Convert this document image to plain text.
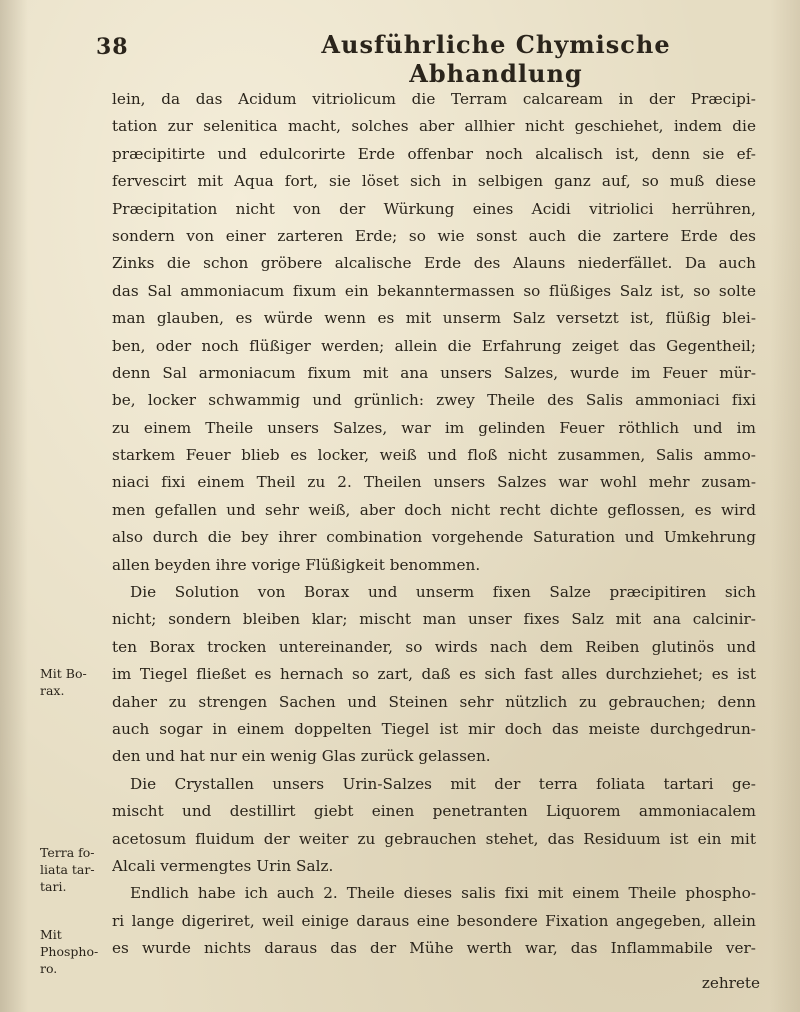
38	Ausführliche Chymische Abhandlung
lein, da das Acidum vitriolicum die Terram calcaream in der Præcipi-
tation zur selenitica macht, solches aber allhier nicht geschiehet, indem die
præcipitirte und edulcorirte Erde offenbar noch alcalisch ist, denn sie ef-
fervescirt mit Aqua fort, sie löset sich in selbigen ganz auf, so muß diese
Præcipitation nicht von der Würkung eines Acidi vitriolici herrühren,
sondern von einer zarteren Erde; so wie sonst auch die zartere Erde des
Zinks die schon gröbere alcalische Erde des Alauns niederfället. Da auch
das Sal ammoniacum fixum ein bekanntermassen so flüßiges Salz ist, so solte
man glauben, es würde wenn es mit unserm Salz versetzt ist, flüßig blei-
ben, oder noch flüßiger werden; allein die Erfahrung zeiget das Gegentheil;
denn Sal armoniacum fixum mit ana unsers Salzes, wurde im Feuer mür-
be, locker schwammig und grünlich: zwey Theile des Salis ammoniaci fixi
zu einem Theile unsers Salzes, war im gelinden Feuer röthlich und im
starkem Feuer blieb es locker, weiß und floß nicht zusammen, Salis ammo-
niaci fixi einem Theil zu 2. Theilen unsers Salzes war wohl mehr zusam-
men gefallen und sehr weiß, aber doch nicht recht dichte geflossen, es wird
also durch die bey ihrer combination vorgehende Saturation und Umkehrung
allen beyden ihre vorige Flüßigkeit benommen.
Die Solution von Borax und unserm fixen Salze præcipitiren sich
nicht; sondern bleiben klar; mischt man unser fixes Salz mit ana calcinir-
ten Borax trocken untereinander, so wirds nach dem Reiben glutinös und
im Tiegel fließet es hernach so zart, daß es sich fast alles durchziehet; es ist
daher zu strengen Sachen und Steinen sehr nützlich zu gebrauchen; denn
auch sogar in einem doppelten Tiegel ist mir doch das meiste durchgedrun-
den und hat nur ein wenig Glas zurück gelassen.
Die Crystallen unsers Urin-Salzes mit der terra foliata tartari ge-
mischt und destillirt giebt einen penetranten Liquorem ammoniacalem
acetosum fluidum der weiter zu gebrauchen stehet, das Residuum ist ein mit
Alcali vermengtes Urin Salz.
Endlich habe ich auch 2. Theile dieses salis fixi mit einem Theile phospho-
ri lange digeriret, weil einige daraus eine besondere Fixation angegeben, allein
es wurde nichts daraus das der Mühe werth war, das Inflammabile ver-
zehrete
Mit Bo-
rax.
Terra fo-
liata tar-
tari.
Mit
Phospho-
ro.
